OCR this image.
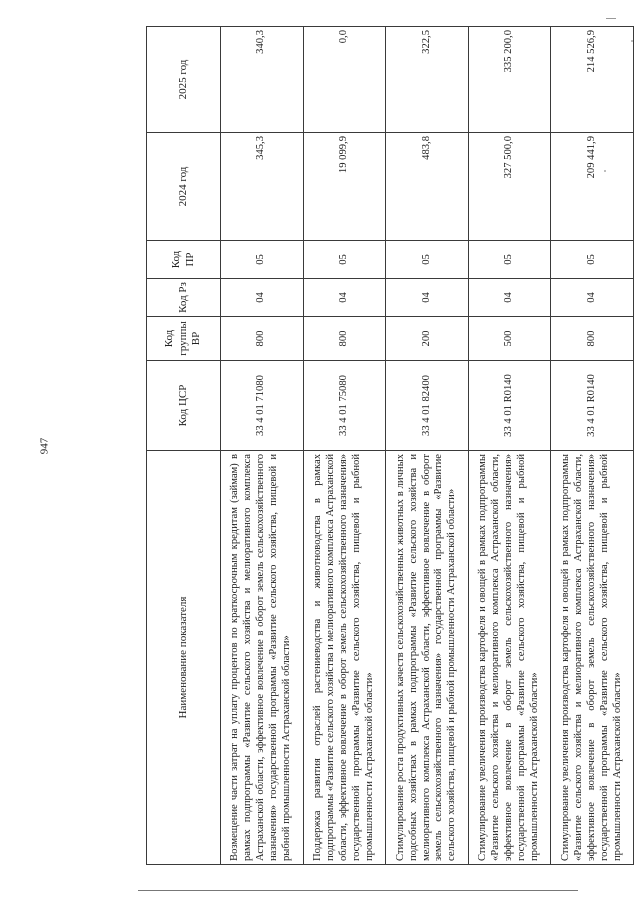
947
Наименование показателя	Код ЦСР	Код группы ВР	Код Рз	Код ПР	2024 год	2025 год
Возмещение части затрат на уплату процентов по краткосрочным кредитам (займам) в рамках подпрограммы «Развитие сельского хозяйства и мелиоративного комплекса Астраханской области, эффективное вовлечение в оборот земель сельскохозяйственного назначения» государственной программы «Развитие сельского хозяйства, пищевой и рыбной промышленности Астраханской области»	33 4 01 71080	800	04	05	345,3	340,3
Поддержка развития отраслей растениеводства и животноводства в рамках подпрограммы «Развитие сельского хозяйства и мелиоративного комплекса Астраханской области, эффективное вовлечение в оборот земель сельскохозяйственного назначения» государственной программы «Развитие сельского хозяйства, пищевой и рыбной промышленности Астраханской области»	33 4 01 75080	800	04	05	19 099,9	0,0
Стимулирование роста продуктивных качеств сельскохозяйственных животных в личных подсобных хозяйствах в рамках подпрограммы «Развитие сельского хозяйства и мелиоративного комплекса Астраханской области, эффективное вовлечение в оборот земель сельскохозяйственного назначения» государственной программы «Развитие сельского хозяйства, пищевой и рыбной промышленности Астраханской области»	33 4 01 82400	200	04	05	483,8	322,5
Стимулирование увеличения производства картофеля и овощей в рамках подпрограммы «Развитие сельского хозяйства и мелиоративного комплекса Астраханской области, эффективное вовлечение в оборот земель сельскохозяйственного назначения» государственной программы «Развитие сельского хозяйства, пищевой и рыбной промышленности Астраханской области»	33 4 01 R0140	500	04	05	327 500,0	335 200,0
Стимулирование увеличения производства картофеля и овощей в рамках подпрограммы «Развитие сельского хозяйства и мелиоративного комплекса Астраханской области, эффективное вовлечение в оборот земель сельскохозяйственного назначения» государственной программы «Развитие сельского хозяйства, пищевой и рыбной промышленности Астраханской области»	33 4 01 R0140	800	04	05	209 441,9	214 526,9
